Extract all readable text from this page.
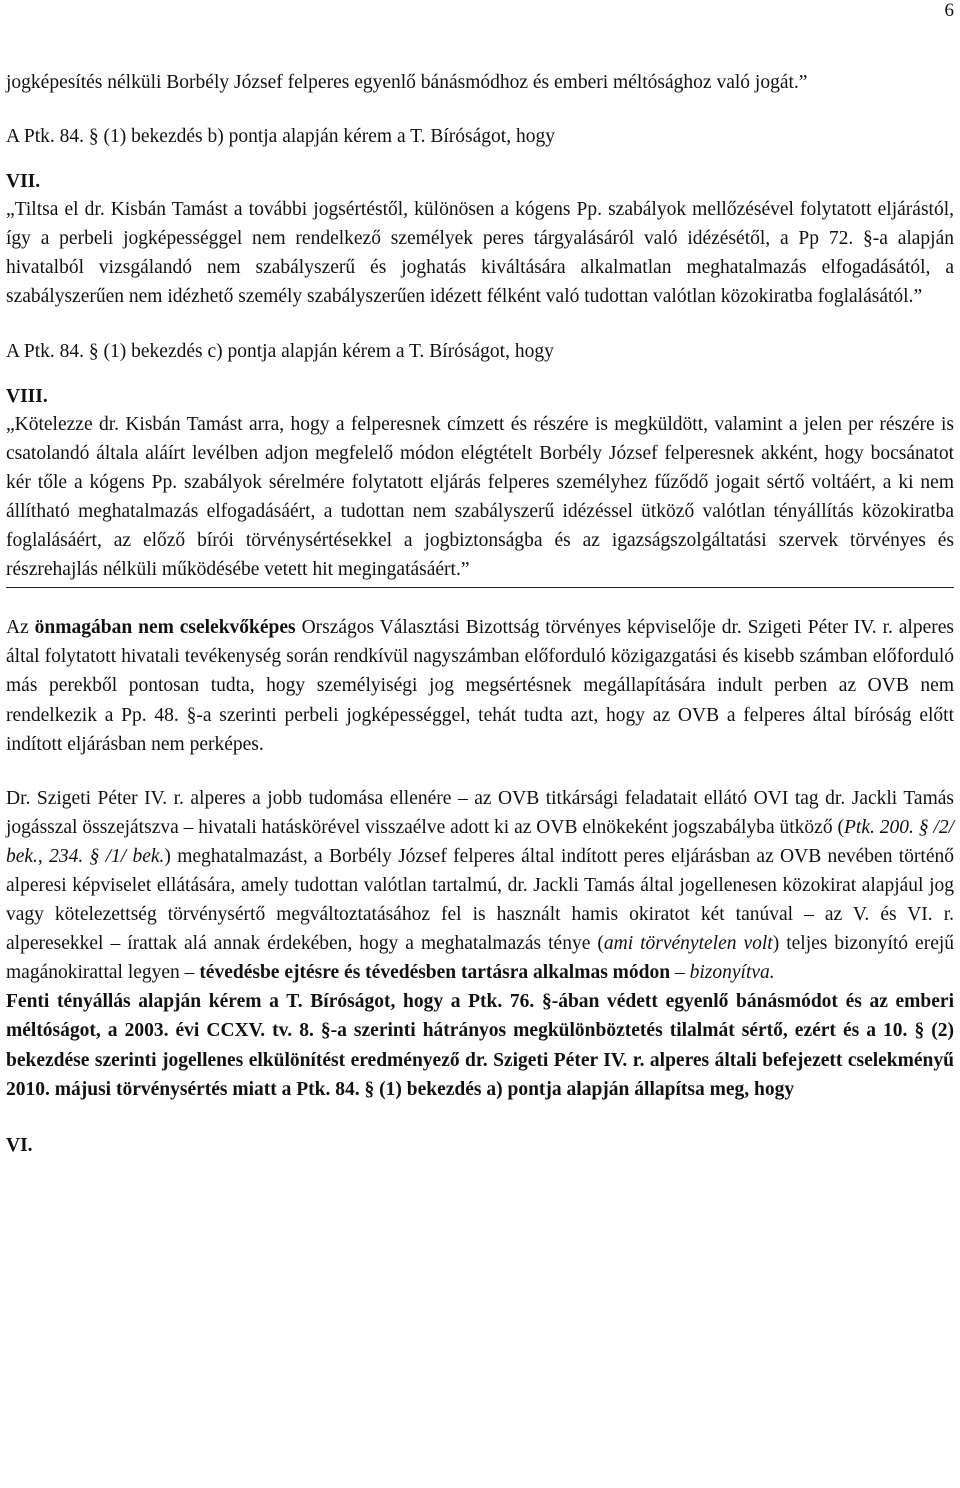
6

jogképesítés nélküli Borbély József felperes egyenlő bánásmódhoz és emberi méltósághoz való jogát.”

A Ptk. 84. § (1) bekezdés b) pontja alapján kérem a T. Bíróságot, hogy

VII.

„Tiltsa el dr. Kisbán Tamást a további jogsértéstől, különösen a kógens Pp. szabályok mellőzésével folytatott eljárástól, így a perbeli jogképességgel nem rendelkező személyek peres tárgyalásáról való idézésétől, a Pp 72. §-a alapján hivatalból vizsgálandó nem szabályszerű és joghatás kiváltására alkalmatlan meghatalmazás elfogadásától, a szabályszerűen nem idézhető személy szabályszerűen idézett félként való tudottan valótlan közokiratba foglalásától.”

A Ptk. 84. § (1) bekezdés c) pontja alapján kérem a T. Bíróságot, hogy

VIII.

„Kötelezze dr. Kisbán Tamást arra, hogy a felperesnek címzett és részére is megküldött, valamint a jelen per részére is csatolandó általa aláírt levélben adjon megfelelő módon elégtételt Borbély József felperesnek akként, hogy bocsánatot kér tőle a kógens Pp. szabályok sérelmére folytatott eljárás felperes személyhez fűződő jogait sértő voltáért, a ki nem állítható meghatalmazás elfogadásáért, a tudottan nem szabályszerű idézéssel ütköző valótlan tényállítás közokiratba foglalásáért, az előző bírói törvénysértésekkel a jogbiztonságba és az igazságszolgáltatási szervek törvényes és részrehajlás nélküli működésébe vetett hit megingatásáért.”

Az önmagában nem cselekvőképes Országos Választási Bizottság törvényes képviselője dr. Szigeti Péter IV. r. alperes által folytatott hivatali tevékenység során rendkívül nagyszámban előforduló közigazgatási és kisebb számban előforduló más perekből pontosan tudta, hogy személyiségi jog megsértésnek megállapítására indult perben az OVB nem rendelkezik a Pp. 48. §-a szerinti perbeli jogképességgel, tehát tudta azt, hogy az OVB a felperes által bíróság előtt indított eljárásban nem perképes.

Dr. Szigeti Péter IV. r. alperes a jobb tudomása ellenére – az OVB titkársági feladatait ellátó OVI tag dr. Jackli Tamás jogásszal összejátszva – hivatali hatáskörével visszaélve adott ki az OVB elnökeként jogszabályba ütköző (Ptk. 200. § /2/ bek., 234. § /1/ bek.) meghatalmazást, a Borbély József felperes által indított peres eljárásban az OVB nevében történő alperesi képviselet ellátására, amely tudottan valótlan tartalmú, dr. Jackli Tamás által jogellenesen közokirat alapjául jog vagy kötelezettség törvénysértő megváltoztatásához fel is használt hamis okiratot két tanúval – az V. és VI. r. alperesekkel – írattak alá annak érdekében, hogy a meghatalmazás ténye (ami törvénytelen volt) teljes bizonyító erejű magánokirattal legyen – tévedésbe ejtésre és tévedésben tartásra alkalmas módon – bizonyítva.

Fenti tényállás alapján kérem a T. Bíróságot, hogy a Ptk. 76. §-ában védett egyenlő bánásmódot és az emberi méltóságot, a 2003. évi CCXV. tv. 8. §-a szerinti hátrányos megkülönböztetés tilalmát sértő, ezért és a 10. § (2) bekezdése szerinti jogellenes elkülönítést eredményező dr. Szigeti Péter IV. r. alperes általi befejezett cselekményű 2010. májusi törvénysértés miatt a Ptk. 84. § (1) bekezdés a) pontja alapján állapítsa meg, hogy

VI.
